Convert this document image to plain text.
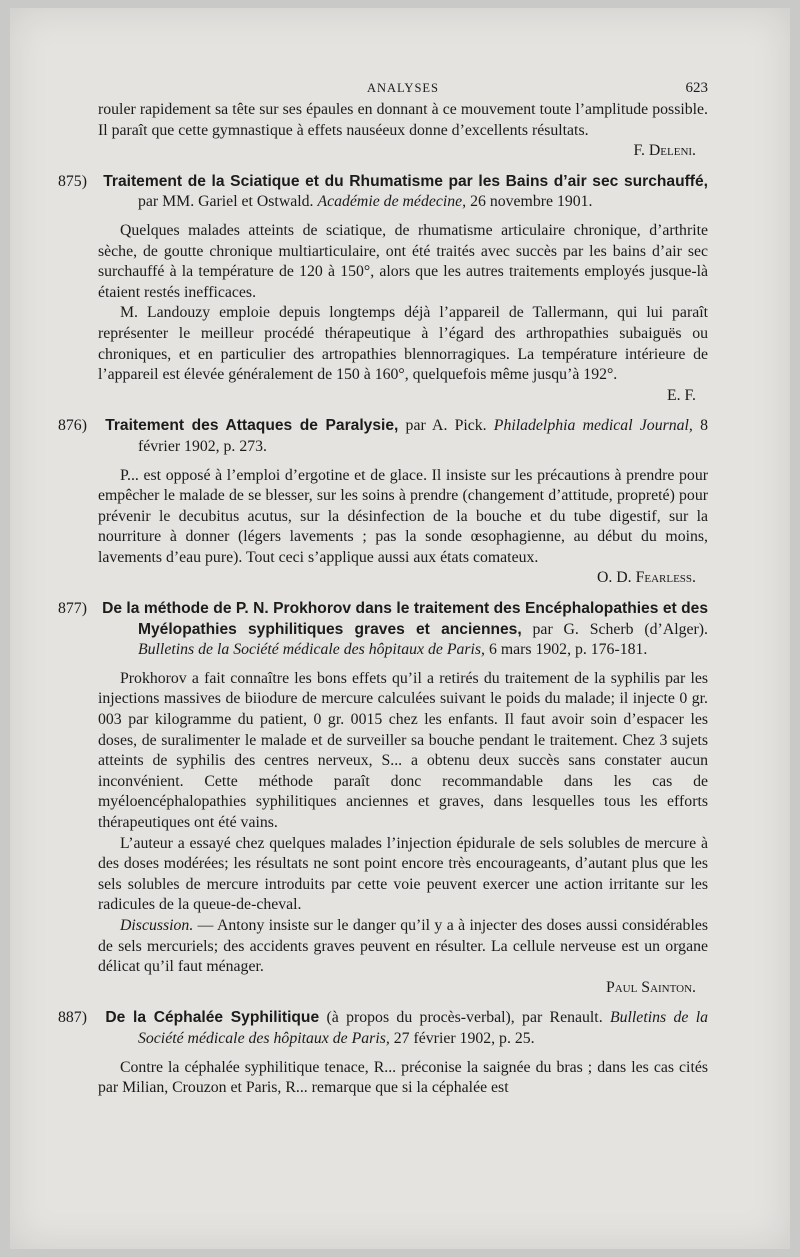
ANALYSES	623

rouler rapidement sa tête sur ses épaules en donnant à ce mouvement toute l’amplitude possible. Il paraît que cette gymnastique à effets nauséeux donne d’excellents résultats.

F. Deleni.

875) Traitement de la Sciatique et du Rhumatisme par les Bains d’air sec surchauffé, par MM. Gariel et Ostwald. Académie de médecine, 26 novembre 1901.

Quelques malades atteints de sciatique, de rhumatisme articulaire chronique, d’arthrite sèche, de goutte chronique multiarticulaire, ont été traités avec succès par les bains d’air sec surchauffé à la température de 120 à 150°, alors que les autres traitements employés jusque-là étaient restés inefficaces.

M. Landouzy emploie depuis longtemps déjà l’appareil de Tallermann, qui lui paraît représenter le meilleur procédé thérapeutique à l’égard des arthropathies subaiguës ou chroniques, et en particulier des artropathies blennorragiques. La température intérieure de l’appareil est élevée généralement de 150 à 160°, quelquefois même jusqu’à 192°.

E. F.

876) Traitement des Attaques de Paralysie, par A. Pick. Philadelphia medical Journal, 8 février 1902, p. 273.

P... est opposé à l’emploi d’ergotine et de glace. Il insiste sur les précautions à prendre pour empêcher le malade de se blesser, sur les soins à prendre (changement d’attitude, propreté) pour prévenir le decubitus acutus, sur la désinfection de la bouche et du tube digestif, sur la nourriture à donner (légers lavements ; pas la sonde œsophagienne, au début du moins, lavements d’eau pure). Tout ceci s’applique aussi aux états comateux.

O. D. Fearless.

877) De la méthode de P. N. Prokhorov dans le traitement des Encéphalopathies et des Myélopathies syphilitiques graves et anciennes, par G. Scherb (d’Alger). Bulletins de la Société médicale des hôpitaux de Paris, 6 mars 1902, p. 176-181.

Prokhorov a fait connaître les bons effets qu’il a retirés du traitement de la syphilis par les injections massives de biiodure de mercure calculées suivant le poids du malade; il injecte 0 gr. 003 par kilogramme du patient, 0 gr. 0015 chez les enfants. Il faut avoir soin d’espacer les doses, de suralimenter le malade et de surveiller sa bouche pendant le traitement. Chez 3 sujets atteints de syphilis des centres nerveux, S... a obtenu deux succès sans constater aucun inconvénient. Cette méthode paraît donc recommandable dans les cas de myéloencéphalopathies syphilitiques anciennes et graves, dans lesquelles tous les efforts thérapeutiques ont été vains.

L’auteur a essayé chez quelques malades l’injection épidurale de sels solubles de mercure à des doses modérées; les résultats ne sont point encore très encourageants, d’autant plus que les sels solubles de mercure introduits par cette voie peuvent exercer une action irritante sur les radicules de la queue-de-cheval.

Discussion. — Antony insiste sur le danger qu’il y a à injecter des doses aussi considérables de sels mercuriels; des accidents graves peuvent en résulter. La cellule nerveuse est un organe délicat qu’il faut ménager.

Paul Sainton.

887) De la Céphalée Syphilitique (à propos du procès-verbal), par Renault. Bulletins de la Société médicale des hôpitaux de Paris, 27 février 1902, p. 25.

Contre la céphalée syphilitique tenace, R... préconise la saignée du bras ; dans les cas cités par Milian, Crouzon et Paris, R... remarque que si la céphalée est
